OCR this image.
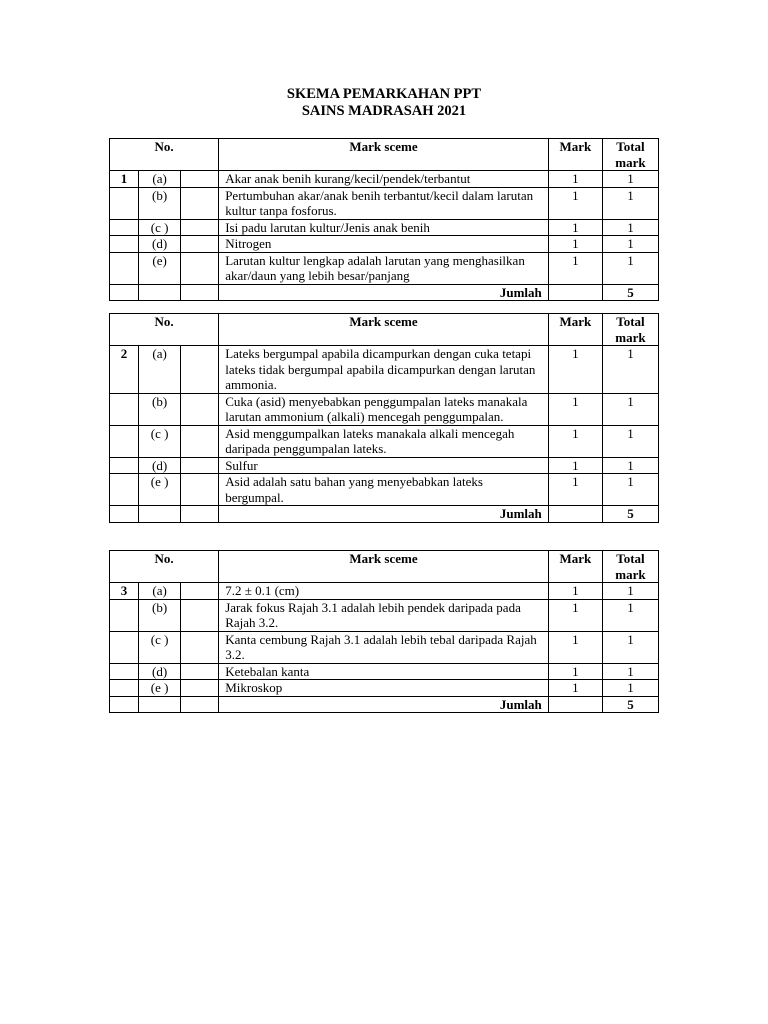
SKEMA PEMARKAHAN PPT
SAINS MADRASAH 2021
No.			Mark sceme	Mark	Total mark
1	(a)		Akar anak benih kurang/kecil/pendek/terbantut	1	1
	(b)		Pertumbuhan akar/anak benih terbantut/kecil dalam larutan kultur tanpa fosforus.	1	1
	(c )		Isi padu larutan kultur/Jenis anak benih	1	1
	(d)		Nitrogen	1	1
	(e)		Larutan kultur lengkap adalah larutan yang menghasilkan akar/daun yang lebih besar/panjang	1	1
			Jumlah		5
No.			Mark sceme	Mark	Total mark
2	(a)		Lateks bergumpal apabila dicampurkan dengan cuka tetapi lateks tidak bergumpal apabila dicampurkan dengan larutan ammonia.	1	1
	(b)		Cuka (asid) menyebabkan penggumpalan lateks manakala larutan ammonium (alkali) mencegah penggumpalan.	1	1
	(c )		Asid menggumpalkan lateks manakala alkali mencegah daripada penggumpalan lateks.	1	1
	(d)		Sulfur	1	1
	(e )		Asid adalah satu bahan yang menyebabkan lateks bergumpal.	1	1
			Jumlah		5
No.			Mark sceme	Mark	Total mark
3	(a)		7.2 ± 0.1 (cm)	1	1
	(b)		Jarak fokus Rajah 3.1 adalah lebih pendek daripada pada Rajah 3.2.	1	1
	(c )		Kanta cembung Rajah 3.1 adalah lebih tebal daripada Rajah 3.2.	1	1
	(d)		Ketebalan kanta	1	1
	(e )		Mikroskop	1	1
			Jumlah		5
